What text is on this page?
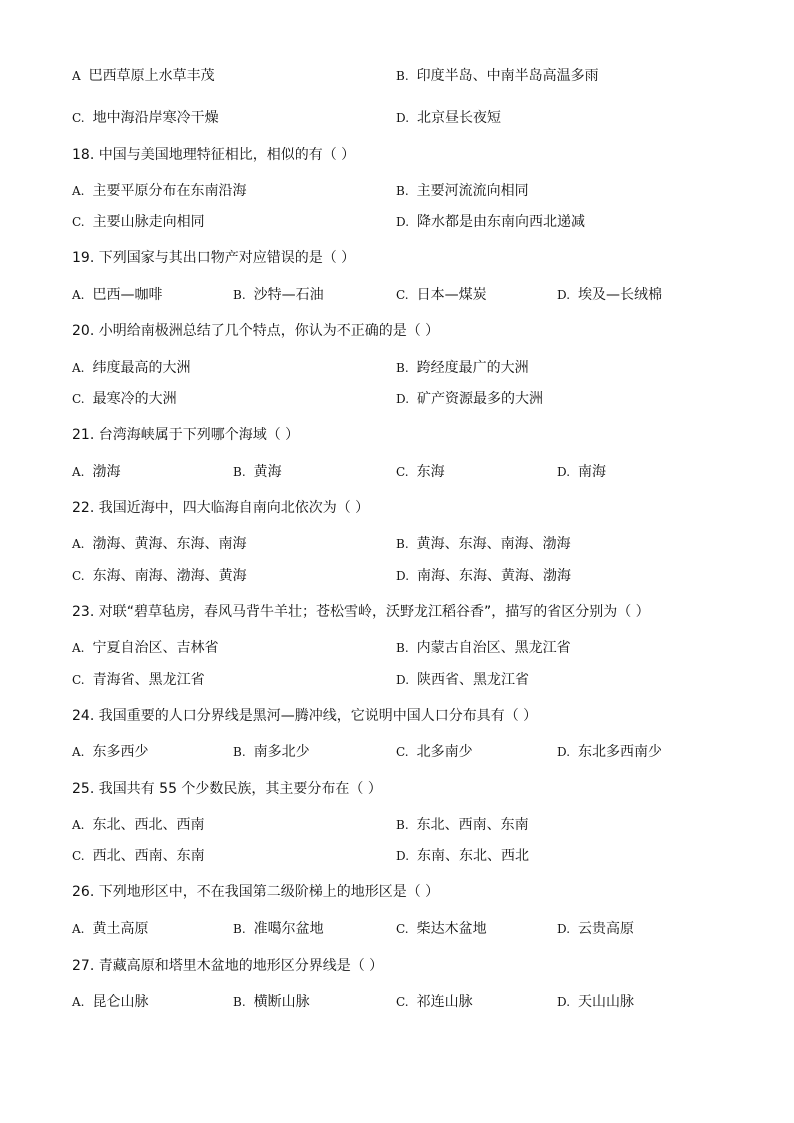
A 巴西草原上水草丰茂	B. 印度半岛、中南半岛高温多雨
C. 地中海沿岸寒冷干燥	D. 北京昼长夜短
18. 中国与美国地理特征相比，相似的有（ ）
A. 主要平原分布在东南沿海	B. 主要河流流向相同
C. 主要山脉走向相同	D. 降水都是由东南向西北递减
19. 下列国家与其出口物产对应错误的是（ ）
A. 巴西—咖啡	B. 沙特—石油	C. 日本—煤炭	D. 埃及—长绒棉
20. 小明给南极洲总结了几个特点，你认为不正确的是（ ）
A. 纬度最高的大洲	B. 跨经度最广的大洲
C. 最寒冷的大洲	D. 矿产资源最多的大洲
21. 台湾海峡属于下列哪个海域（ ）
A. 渤海	B. 黄海	C. 东海	D. 南海
22. 我国近海中，四大临海自南向北依次为（ ）
A. 渤海、黄海、东海、南海	B. 黄海、东海、南海、渤海
C. 东海、南海、渤海、黄海	D. 南海、东海、黄海、渤海
23. 对联“碧草毡房，春风马背牛羊壮；苍松雪岭，沃野龙江稻谷香”，描写的省区分别为（ ）
A. 宁夏自治区、吉林省	B. 内蒙古自治区、黑龙江省
C. 青海省、黑龙江省	D. 陕西省、黑龙江省
24. 我国重要的人口分界线是黑河—腾冲线，它说明中国人口分布具有（ ）
A. 东多西少	B. 南多北少	C. 北多南少	D. 东北多西南少
25. 我国共有 55 个少数民族，其主要分布在（ ）
A. 东北、西北、西南	B. 东北、西南、东南
C. 西北、西南、东南	D. 东南、东北、西北
26. 下列地形区中，不在我国第二级阶梯上的地形区是（ ）
A. 黄土高原	B. 准噶尔盆地	C. 柴达木盆地	D. 云贵高原
27. 青藏高原和塔里木盆地的地形区分界线是（ ）
A. 昆仑山脉	B. 横断山脉	C. 祁连山脉	D. 天山山脉
